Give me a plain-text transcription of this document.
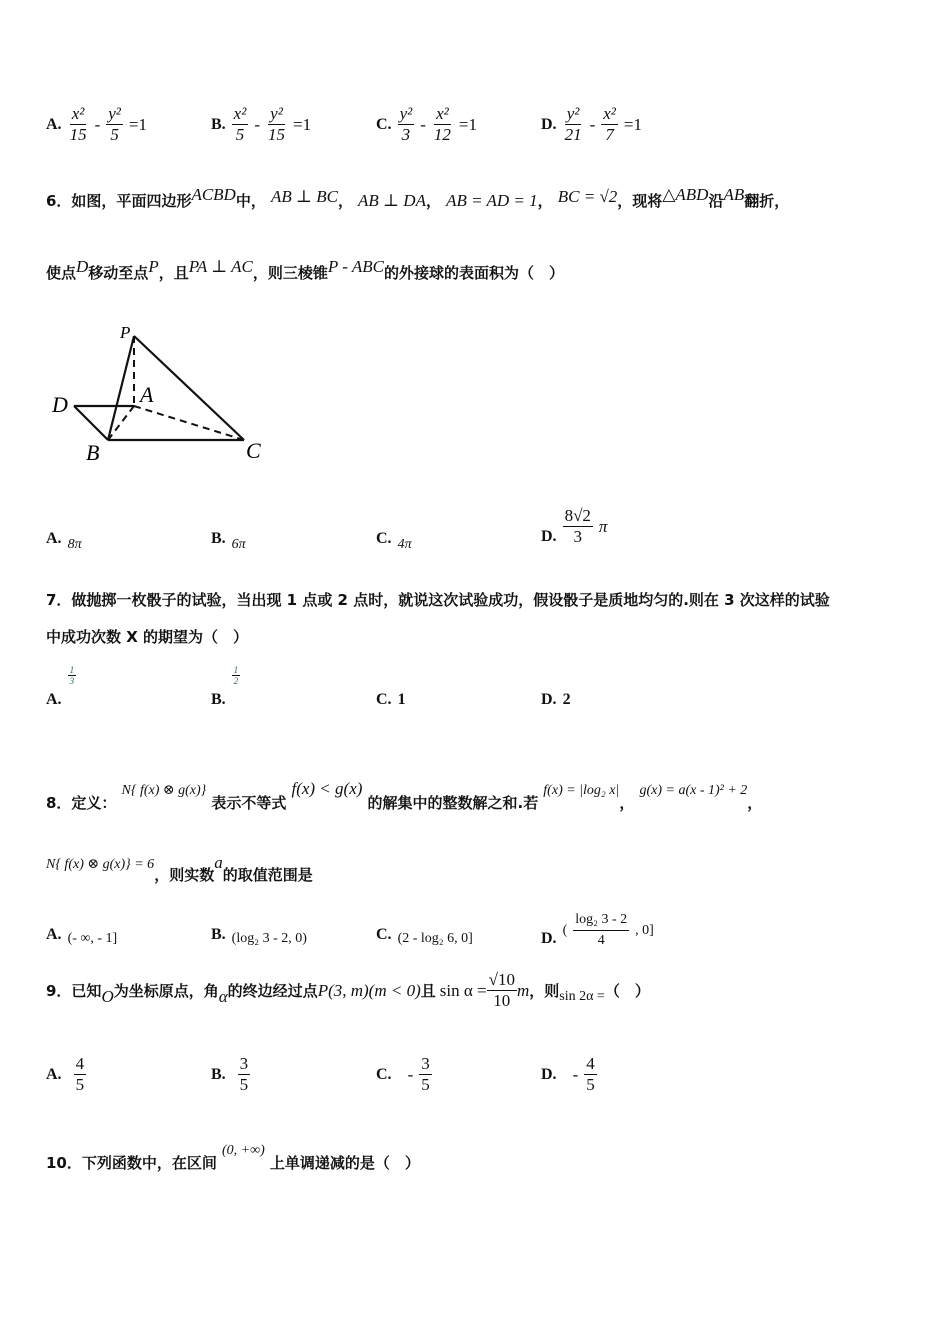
A. $\frac{\text{x²}}{15} - \frac{\text{y²}}{5} =1$	B. $\frac{\text{x²}}{5} - \frac{\text{y²}}{15} =1$	C. $\frac{\text{y²}}{3} - \frac{\text{x²}}{12} =1$	D. $\frac{\text{y²}}{21} - \frac{\text{x²}}{7} =1$
6．如图，平面四边形ACBD中， AB ⊥ BC， AB ⊥ DA， AB = AD = 1， BC = √2，现将△ABD沿AB翻折，
使点D移动至点P，且PA ⊥ AC，则三棱锥P - ABC的外接球的表面积为（　）
P
A
D
B	C
A. 8π	B. 6π	C. 4π	D. $\frac{8√2}{3}$ π
7．做抛掷一枚骰子的试验，当出现 1 点或 2 点时，就说这次试验成功，假设骰子是质地均匀的.则在 3 次这样的试验
中成功次数 X 的期望为（　）
A.
$\frac{1}{3}$
B.
$\frac{1}{2}$
C. 1	D. 2
8．定义： N{ f(x) ⊗ g(x)} 表示不等式 f(x) < g(x) 的解集中的整数解之和.若 f(x) = |log₂ x|， g(x) = a(x - 1)² + 2，
N{ f(x) ⊗ g(x)} = 6，则实数a的取值范围是
A. (- ∞, - 1]	B. (log₂ 3 - 2, 0)	C. (2 - log₂ 6, 0]	D. ( $\frac{\text{log₂ 3 - 2}}{4}$ , 0]
9．已知 O 为坐标原点，角 α 的终边经过点 P(3, m)(m < 0) 且 $\sin \alpha = \frac{√10}{10}$ m ，则 sin 2α = （　）
A. $\frac{4}{5}$	B. $\frac{3}{5}$	C. - $\frac{3}{5}$	D. - $\frac{4}{5}$
10．下列函数中，在区间 (0, +∞) 上单调递减的是（　）
